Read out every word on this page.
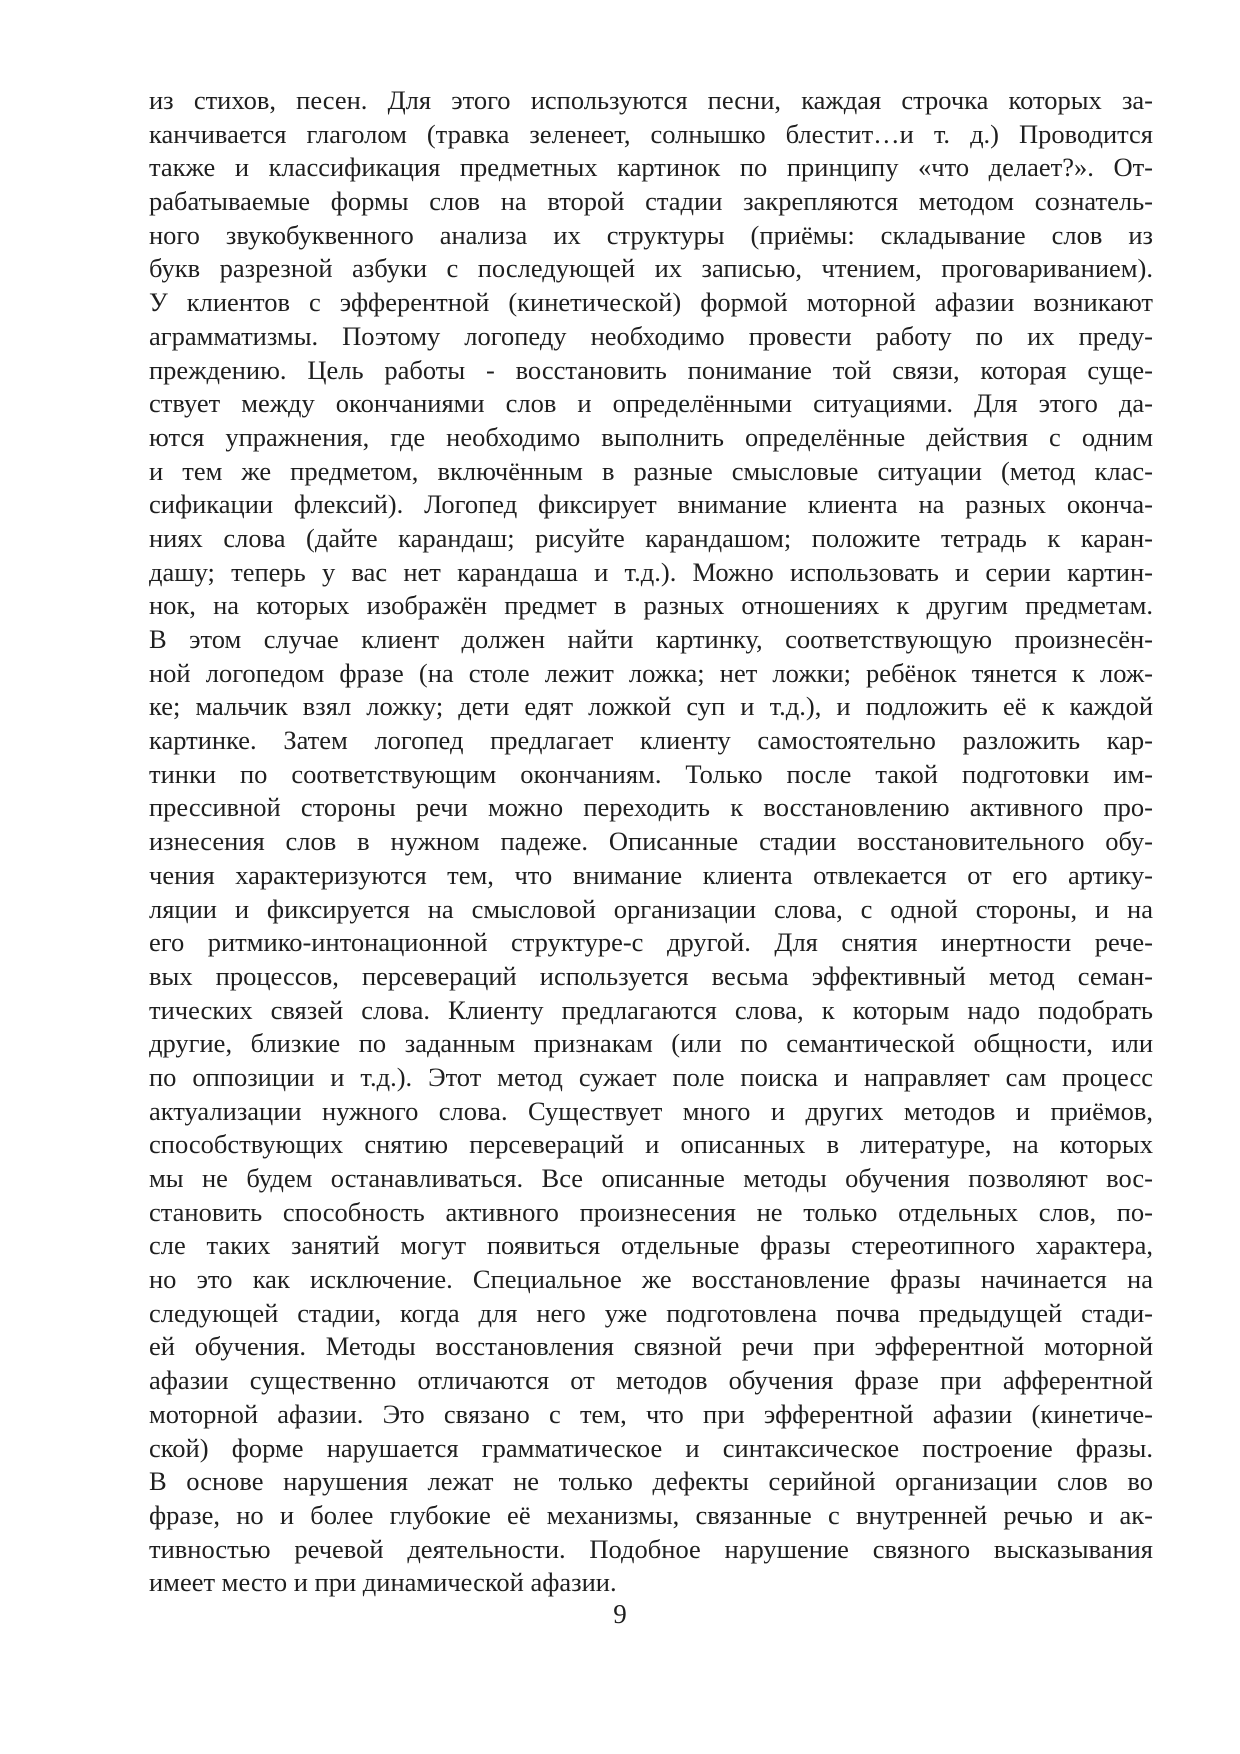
из стихов, песен. Для этого используются песни, каждая строчка которых за-
канчивается глаголом (травка зеленеет, солнышко блестит…и т. д.) Проводится
также и классификация предметных картинок по принципу «что делает?». От-
рабатываемые формы слов на второй стадии закрепляются методом сознатель-
ного звукобуквенного анализа их структуры (приёмы: складывание слов из
букв разрезной азбуки с последующей их записью, чтением, проговариванием).
У клиентов с эфферентной (кинетической) формой моторной афазии возникают
аграмматизмы. Поэтому логопеду необходимо провести работу по их преду-
преждению. Цель работы - восстановить понимание той связи, которая суще-
ствует между окончаниями слов и определёнными ситуациями. Для этого да-
ются упражнения, где необходимо выполнить определённые действия с одним
и тем же предметом, включённым в разные смысловые ситуации (метод клас-
сификации флексий). Логопед фиксирует внимание клиента на разных оконча-
ниях слова (дайте карандаш; рисуйте карандашом; положите тетрадь к каран-
дашу; теперь у вас нет карандаша и т.д.). Можно использовать и серии картин-
нок, на которых изображён предмет в разных отношениях к другим предметам.
В этом случае клиент должен найти картинку, соответствующую произнесён-
ной логопедом фразе (на столе лежит ложка; нет ложки; ребёнок тянется к лож-
ке; мальчик взял ложку; дети едят ложкой суп и т.д.), и подложить её к каждой
картинке. Затем логопед предлагает клиенту самостоятельно разложить кар-
тинки по соответствующим окончаниям. Только после такой подготовки им-
прессивной стороны речи можно переходить к восстановлению активного про-
изнесения слов в нужном падеже. Описанные стадии восстановительного обу-
чения характеризуются тем, что внимание клиента отвлекается от его артику-
ляции и фиксируется на смысловой организации слова, с одной стороны, и на
его ритмико-интонационной структуре-с другой. Для снятия инертности рече-
вых процессов, персевераций используется весьма эффективный метод семан-
тических связей слова. Клиенту предлагаются слова, к которым надо подобрать
другие, близкие по заданным признакам (или по семантической общности, или
по оппозиции и т.д.). Этот метод сужает поле поиска и направляет сам процесс
актуализации нужного слова. Существует много и других методов и приёмов,
способствующих снятию персевераций и описанных в литературе, на которых
мы не будем останавливаться. Все описанные методы обучения позволяют вос-
становить способность активного произнесения не только отдельных слов, по-
сле таких занятий могут появиться отдельные фразы стереотипного характера,
но это как исключение. Специальное же восстановление фразы начинается на
следующей стадии, когда для него уже подготовлена почва предыдущей стади-
ей обучения. Методы восстановления связной речи при эфферентной моторной
афазии существенно отличаются от методов обучения фразе при афферентной
моторной афазии. Это связано с тем, что при эфферентной афазии (кинетиче-
ской) форме нарушается грамматическое и синтаксическое построение фразы.
В основе нарушения лежат не только дефекты серийной организации слов во
фразе, но и более глубокие её механизмы, связанные с внутренней речью и ак-
тивностью речевой деятельности. Подобное нарушение связного высказывания
имеет место и при динамической афазии.
9
